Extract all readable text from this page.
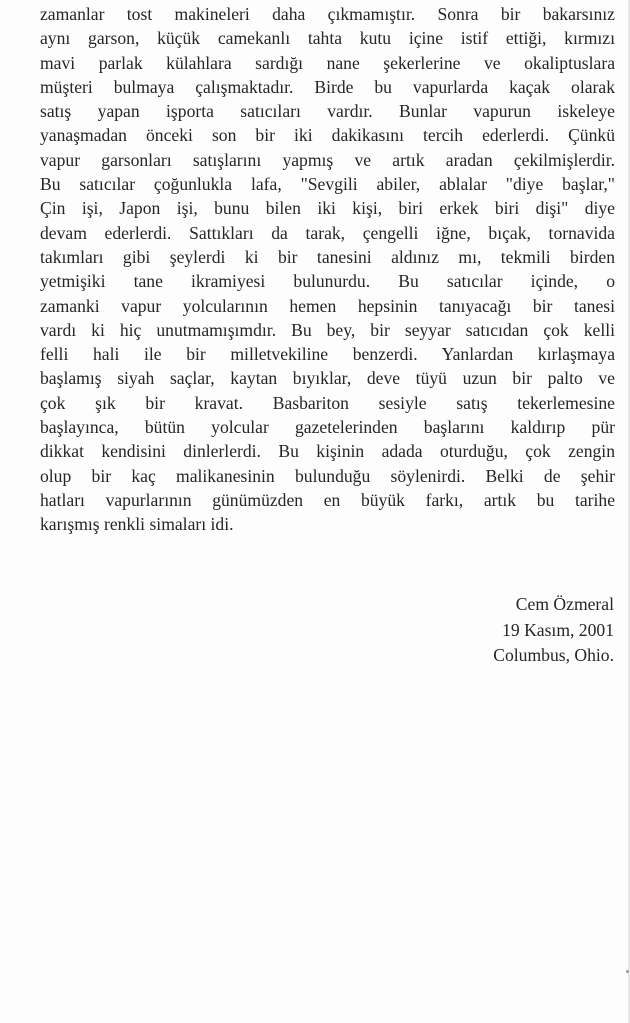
zamanlar tost makineleri daha çıkmamıştır. Sonra bir bakarsınız
aynı garson, küçük camekanlı tahta kutu içine istif ettiği, kırmızı
mavi parlak külahlara sardığı nane şekerlerine ve okaliptuslara
müşteri bulmaya çalışmaktadır. Birde bu vapurlarda kaçak olarak
satış yapan işporta satıcıları vardır. Bunlar vapurun iskeleye
yanaşmadan önceki son bir iki dakikasını tercih ederlerdi. Çünkü
vapur garsonları satışlarını yapmış ve artık aradan çekilmişlerdir.
Bu satıcılar çoğunlukla lafa, "Sevgili abiler, ablalar "diye başlar,"
Çin işi, Japon işi, bunu bilen iki kişi, biri erkek biri dişi" diye
devam ederlerdi. Sattıkları da tarak, çengelli iğne, bıçak, tornavida
takımları gibi şeylerdi ki bir tanesini aldınız mı, tekmili birden
yetmişiki tane ikramiyesi bulunurdu. Bu satıcılar içinde, o
zamanki vapur yolcularının hemen hepsinin tanıyacağı bir tanesi
vardı ki hiç unutmamışımdır. Bu bey, bir seyyar satıcıdan çok kelli
felli hali ile bir milletvekiline benzerdi. Yanlardan kırlaşmaya
başlamış siyah saçlar, kaytan bıyıklar, deve tüyü uzun bir palto ve
çok şık bir kravat. Basbariton sesiyle satış tekerlemesine
başlayınca, bütün yolcular gazetelerinden başlarını kaldırıp pür
dikkat kendisini dinlerlerdi. Bu kişinin adada oturduğu, çok zengin
olup bir kaç malikanesinin bulunduğu söylenirdi. Belki de şehir
hatları vapurlarının günümüzden en büyük farkı, artık bu tarihe
karışmış renkli simaları idi.
Cem Özmeral
19 Kasım, 2001
Columbus, Ohio.
